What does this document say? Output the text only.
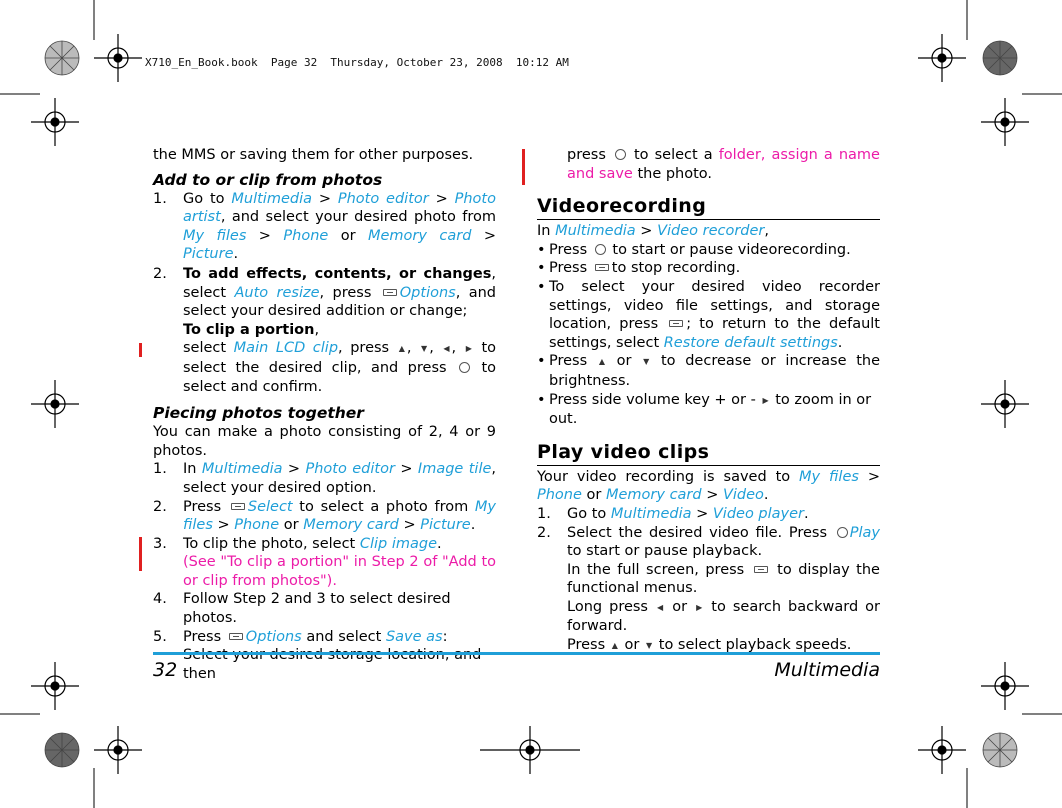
X710_En_Book.book  Page 32  Thursday, October 23, 2008  10:12 AM

the MMS or saving them for other purposes.

Add to or clip from photos
1. Go to Multimedia > Photo editor > Photo artist, and select your desired photo from My files > Phone or Memory card > Picture.
2. To add effects, contents, or changes, select Auto resize, press Options, and select your desired addition or change;
To clip a portion,
select Main LCD clip, press ▲ , ▼ , ◀ , ▶ to select the desired clip, and press  to select and confirm.
Piecing photos together

You can make a photo consisting of 2, 4 or 9 photos.

1. In Multimedia > Photo editor > Image tile, select your desired option.
2. Press Select to select a photo from My files > Phone or Memory card > Picture.
3. To clip the photo, select Clip image.
(See "To clip a portion" in Step 2 of "Add to or clip from photos").
4. Follow Step 2 and 3 to select desired photos.
5. Press Options and select Save as:
Select your desired storage location, and then
press  to select a folder, assign a name and save the photo.
Videorecording
In Multimedia > Video recorder,
• Press  to start or pause videorecording.
• Press to stop recording.
• To select your desired video recorder settings, video file settings, and storage location, press ; to return to the default settings, select Restore default settings.
• Press ▲ or ▼ to decrease or increase the brightness.
• Press side volume key + or - ▶ to zoom in or out.
Play video clips
Your video recording is saved to My files > Phone or Memory card > Video.
1. Go to Multimedia > Video player.
2. Select the desired video file. Press Play to start or pause playback.
In the full screen, press  to display the functional menus.
Long press ◀ or ▶ to search backward or forward.
Press ▲ or ▼ to select playback speeds.
32	Multimedia
